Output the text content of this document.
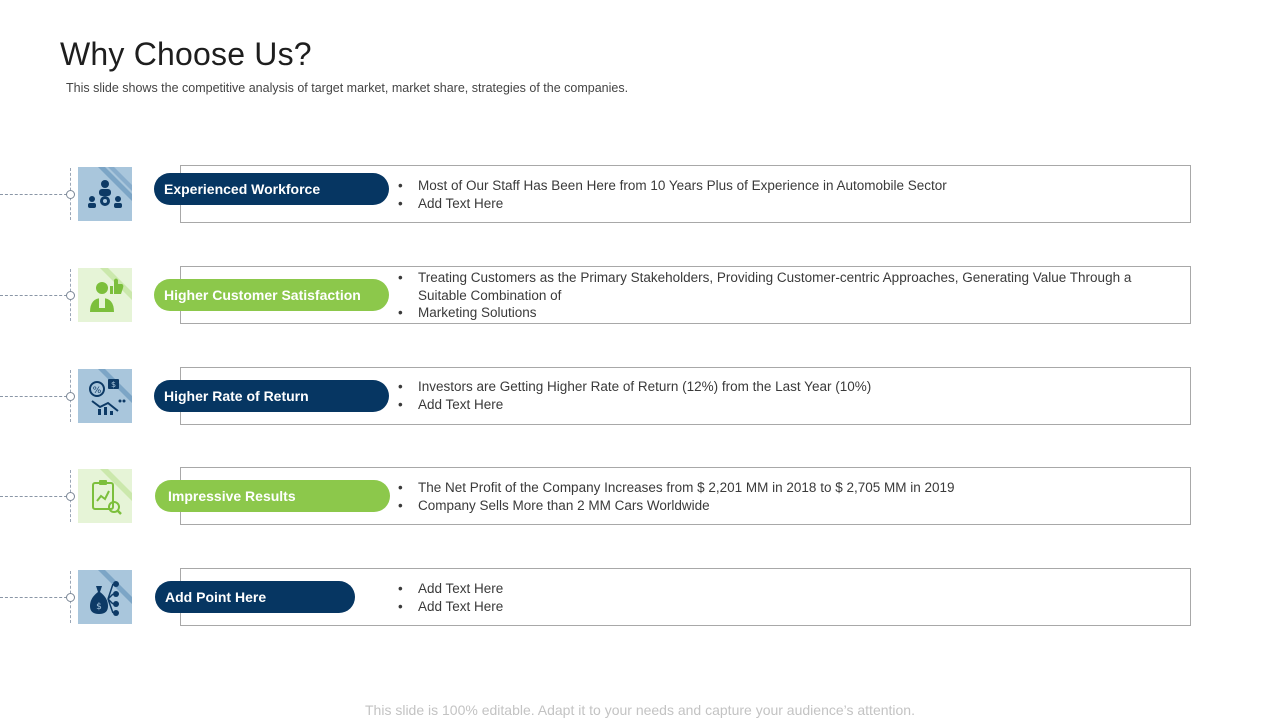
Why Choose Us?

This slide shows the competitive analysis of target market, market share, strategies of the companies.

Experienced Workforce
•	Most of Our Staff Has Been Here from 10 Years Plus of Experience in Automobile Sector
• Add Text Here
Higher Customer Satisfaction
• Treating Customers as the Primary Stakeholders, Providing Customer-centric Approaches, Generating Value Through a
Suitable Combination of
• Marketing Solutions
%
$
Higher Rate of Return
• Investors are Getting Higher Rate of Return (12%) from the Last Year (10%)
• Add Text Here
Impressive Results
• The Net Profit of the Company Increases from $ 2,201 MM in 2018 to $ 2,705 MM in 2019
• Company Sells More than 2 MM Cars Worldwide
$
Add Point Here
• Add Text Here
• Add Text Here
This slide is 100% editable. Adapt it to your needs and capture your audience’s attention.
